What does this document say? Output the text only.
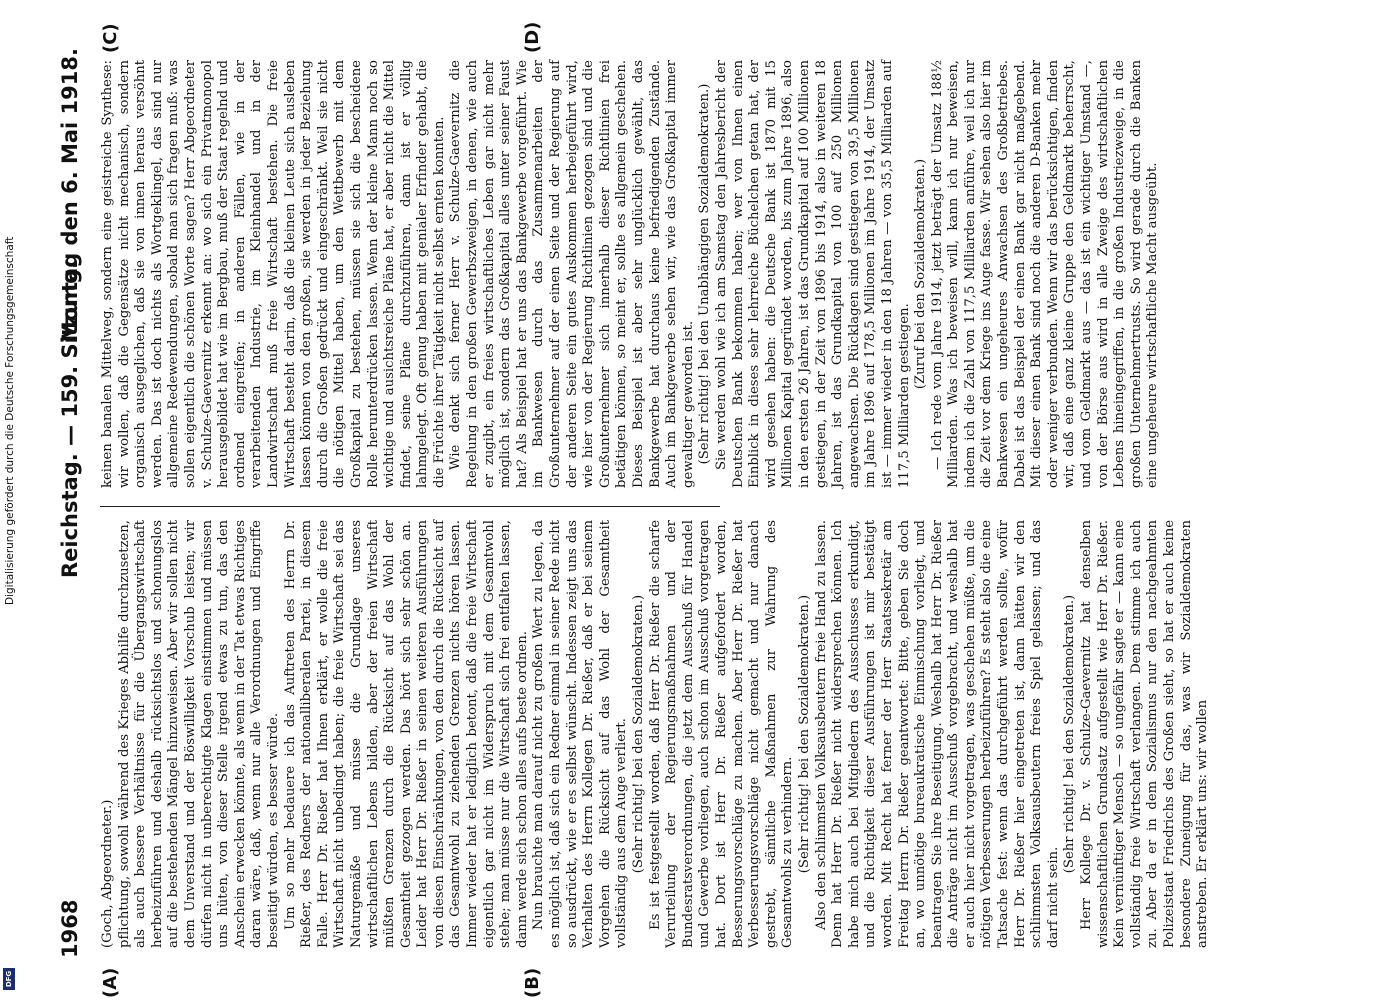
1968
Reichstag. — 159. Sitzung.
Montag den 6. Mai 1918.
(A)	(B)
(C)	(D)

(Goch, Abgeordneter.) pflichtung, sowohl während des Krieges Abhilfe durchzusetzen, als auch bessere Verhältnisse für die Übergangswirtschaft herbeizuführen und deshalb rücksichtslos und schonungslos auf die bestehenden Mängel hinzuweisen. Aber wir sollen nicht dem Unverstand und der Böswilligkeit Vorschub leisten; wir dürfen nicht in unberechtigte Klagen einstimmen und müssen uns hüten, von dieser Stelle irgend etwas zu tun, das den Anschein erwecken könnte, als wenn in der Tat etwas Richtiges daran wäre, daß, wenn nur alle Verordnungen und Eingriffe beseitigt würden, es besser würde. Um so mehr bedauere ich das Auftreten des Herrn Dr. Rießer, des Redners der nationalliberalen Partei, in diesem Falle. Herr Dr. Rießer hat Ihnen erklärt, er wolle die freie Wirtschaft nicht unbedingt haben; die freie Wirtschaft sei das Naturgemäße und müsse die Grundlage unseres wirtschaftlichen Lebens bilden, aber der freien Wirtschaft müßten Grenzen durch die Rücksicht auf das Wohl der Gesamtheit gezogen werden. Das hört sich sehr schön an. Leider hat Herr Dr. Rießer in seinen weiteren Ausführungen von diesen Einschränkungen, von den durch die Rücksicht auf das Gesamtwohl zu ziehenden Grenzen nichts hören lassen. Immer wieder hat er lediglich betont, daß die freie Wirtschaft eigentlich gar nicht im Widerspruch mit dem Gesamtwohl stehe; man müsse nur die Wirtschaft sich frei entfalten lassen, dann werde sich schon alles aufs beste ordnen. Nun brauchte man darauf nicht zu großen Wert zu legen, da es möglich ist, daß sich ein Redner einmal in seiner Rede nicht so ausdrückt, wie er es selbst wünscht. Indessen zeigt uns das Verhalten des Herrn Kollegen Dr. Rießer, daß er bei seinem Vorgehen die Rücksicht auf das Wohl der Gesamtheit vollständig aus dem Auge verliert. (Sehr richtig! bei den Sozialdemokraten.) Es ist festgestellt worden, daß Herr Dr. Rießer die scharfe Verurteilung der Regierungsmaßnahmen und der Bundesratsverordnungen, die jetzt dem Ausschuß für Handel und Gewerbe vorliegen, auch schon im Ausschuß vorgetragen hat. Dort ist Herr Dr. Rießer aufgefordert worden, Besserungsvorschläge zu machen. Aber Herr Dr. Rießer hat Verbesserungsvorschläge nicht gemacht und nur danach gestrebt, sämtliche Maßnahmen zur Wahrung des Gesamtwohls zu verhindern. (Sehr richtig! bei den Sozialdemokraten.) Also den schlimmsten Volksausbeutern freie Hand zu lassen. Denn hat Herr Dr. Rießer nicht widersprechen können. Ich habe mich auch bei Mitgliedern des Ausschusses erkundigt, und die Richtigkeit dieser Ausführungen ist mir bestätigt worden. Mit Recht hat ferner der Herr Staatssekretär am Freitag Herrn Dr. Rießer geantwortet: Bitte, geben Sie doch an, wo unnötige bureaukratische Einmischung vorliegt, und beantragen Sie ihre Beseitigung. Weshalb hat Herr Dr. Rießer die Anträge nicht im Ausschuß vorgebracht, und weshalb hat er auch hier nicht vorgetragen, was geschehen müßte, um die nötigen Verbesserungen herbeizuführen? Es steht also die eine Tatsache fest: wenn das durchgeführt werden sollte, wofür Herr Dr. Rießer hier eingetreten ist, dann hätten wir den schlimmsten Volksausbeutern freies Spiel gelassen; und das darf nicht sein.

(Sehr richtig! bei den Sozialdemokraten.) Herr Kollege Dr. v. Schulze-Gaevernitz hat denselben wissenschaftlichen Grundsatz aufgestellt wie Herr Dr. Rießer. Kein vernünftiger Mensch — so ungefähr sagte er — kann eine vollständig freie Wirtschaft verlangen. Dem stimme ich auch zu. Aber da er in dem Sozialismus nur den nachgeahmten Polizeistaat Friedrichs des Großen sieht, so hat er auch keine besondere Zuneigung für das, was wir Sozialdemokraten anstreben. Er erklärt uns: wir wollen

keinen banalen Mittelweg, sondern eine geistreiche Synthese: wir wollen, daß die Gegensätze nicht mechanisch, sondern organisch ausgeglichen, daß sie von innen heraus versöhnt werden. Das ist doch nichts als Wortgeklingel, das sind nur allgemeine Redewendungen, sobald man sich fragen muß: was sollen eigentlich die schönen Worte sagen? Herr Abgeordneter v. Schulze-Gaevernitz erkennt an: wo sich ein Privatmonopol herausgebildet hat wie im Bergbau, muß der Staat regelnd und ordnend eingreifen; in anderen Fällen, wie in der verarbeitenden Industrie, im Kleinhandel und in der Landwirtschaft muß freie Wirtschaft bestehen. Die freie Wirtschaft besteht darin, daß die kleinen Leute sich ausleben lassen können von den großen, sie werden in jeder Beziehung durch die Großen gedrückt und eingeschränkt. Weil sie nicht die nötigen Mittel haben, um den Wettbewerb mit dem Großkapital zu bestehen, müssen sie sich die bescheidene Rolle herunterdrücken lassen. Wenn der kleine Mann noch so wichtige und ausichtsreiche Pläne hat, er aber nicht die Mittel findet, seine Pläne durchzuführen, dann ist er völlig lahmgelegt. Oft genug haben mit genialer Erfinder gehabt, die die Früchte ihrer Tätigkeit nicht selbst ernten konnten. Wie denkt sich ferner Herr v. Schulze-Gaevernitz die Regelung in den großen Gewerbszweigen, in denen, wie auch er zugibt, ein freies wirtschaftliches Leben gar nicht mehr möglich ist, sondern das Großkapital alles unter seiner Faust hat? Als Beispiel hat er uns das Bankgewerbe vorgeführt. Wie im Bankwesen durch das Zusammenarbeiten der Großunternehmer auf der einen Seite und der Regierung auf der anderen Seite ein gutes Auskommen herbeigeführt wird, wie hier von der Regierung Richtlinien gezogen sind und die Großunternehmer sich innerhalb dieser Richtlinien frei betätigen können, so meint er, sollte es allgemein geschehen. Dieses Beispiel ist aber sehr unglücklich gewählt, das Bankgewerbe hat durchaus keine befriedigenden Zustände. Auch im Bankgewerbe sehen wir, wie das Großkapital immer gewaltiger geworden ist. (Sehr richtig! bei den Unabhängigen Sozialdemokraten.) Sie werden wohl wie ich am Samstag den Jahresbericht der Deutschen Bank bekommen haben; wer von Ihnen einen Einblick in dieses sehr lehrreiche Büchelchen getan hat, der wird gesehen haben: die Deutsche Bank ist 1870 mit 15 Millionen Kapital gegründet worden, bis zum Jahre 1896, also in den ersten 26 Jahren, ist das Grundkapital auf 100 Millionen gestiegen, in der Zeit von 1896 bis 1914, also in weiteren 18 Jahren, ist das Grundkapital von 100 auf 250 Millionen angewachsen. Die Rücklagen sind gestiegen von 39,5 Millionen im Jahre 1896 auf 178,5 Millionen im Jahre 1914, der Umsatz ist — immer wieder in den 18 Jahren — von 35,5 Milliarden auf 117,5 Milliarden gestiegen.

(Zuruf bei den Sozialdemokraten.) — Ich rede vom Jahre 1914, jetzt beträgt der Umsatz 188½ Milliarden. Was ich beweisen will, kann ich nur beweisen, indem ich die Zahl von 117,5 Milliarden anführe, weil ich nur die Zeit vor dem Kriege ins Auge fasse. Wir sehen also hier im Bankwesen ein ungeheures Anwachsen des Großbetriebes. Dabei ist das Beispiel der einen Bank gar nicht maßgebend. Mit dieser einen Bank sind noch die anderen D-Banken mehr oder weniger verbunden. Wenn wir das berücksichtigen, finden wir, daß eine ganz kleine Gruppe den Geldmarkt beherrscht, und vom Geldmarkt aus — das ist ein wichtiger Umstand —, von der Börse aus wird in alle Zweige des wirtschaftlichen Lebens hineingegriffen, in die großen Industriezweige, in die großen Unternehmertrusts. So wird gerade durch die Banken eine ungeheure wirtschaftliche Macht ausgeübt.

Digitalisierung gefördert durch die Deutsche Forschungsgemeinschaft
DFG
